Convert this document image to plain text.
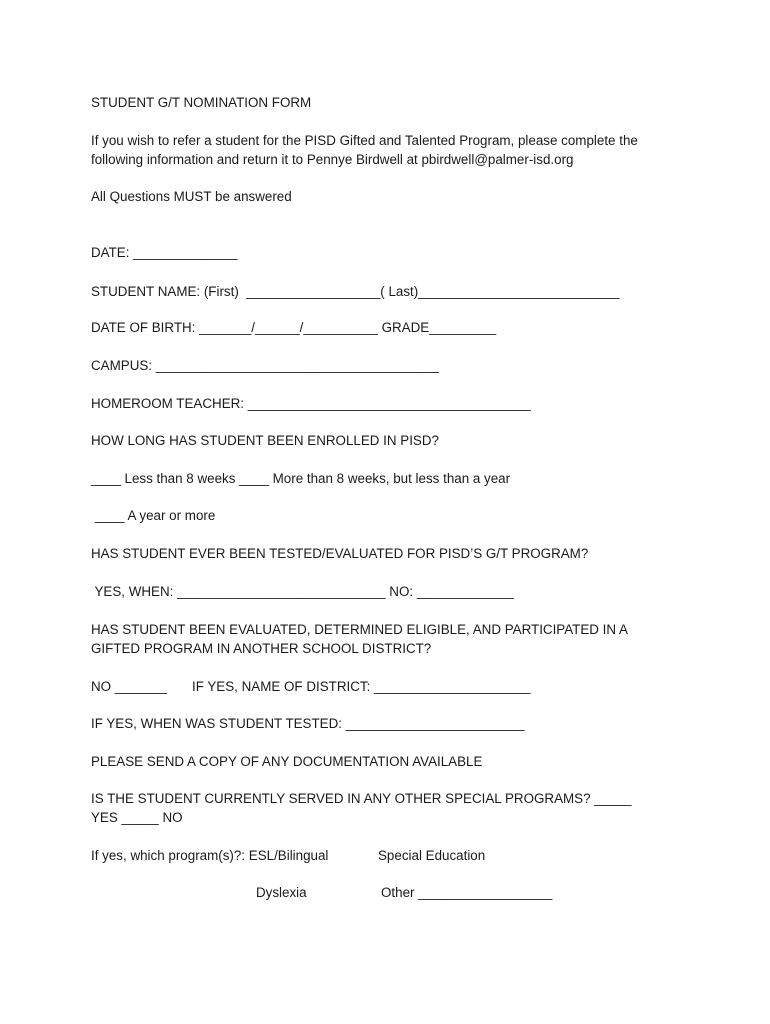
STUDENT G/T NOMINATION FORM
If you wish to refer a student for the PISD Gifted and Talented Program, please complete the
following information and return it to Pennye Birdwell at pbirdwell@palmer-isd.org
All Questions MUST be answered
DATE: ______________
STUDENT NAME: (First)  __________________( Last)___________________________
DATE OF BIRTH: _______/______/__________ GRADE_________
CAMPUS: ______________________________________
HOMEROOM TEACHER: ______________________________________
HOW LONG HAS STUDENT BEEN ENROLLED IN PISD?
____ Less than 8 weeks ____ More than 8 weeks, but less than a year
____ A year or more
HAS STUDENT EVER BEEN TESTED/EVALUATED FOR PISD’S G/T PROGRAM?
YES, WHEN: ____________________________ NO: _____________
HAS STUDENT BEEN EVALUATED, DETERMINED ELIGIBLE, AND PARTICIPATED IN A
GIFTED PROGRAM IN ANOTHER SCHOOL DISTRICT?
NO _______ IF YES, NAME OF DISTRICT: _____________________
IF YES, WHEN WAS STUDENT TESTED: ________________________
PLEASE SEND A COPY OF ANY DOCUMENTATION AVAILABLE
IS THE STUDENT CURRENTLY SERVED IN ANY OTHER SPECIAL PROGRAMS? _____
YES _____ NO
If yes, which program(s)?: ESL/Bilingual	Special Education
Dyslexia	Other __________________
